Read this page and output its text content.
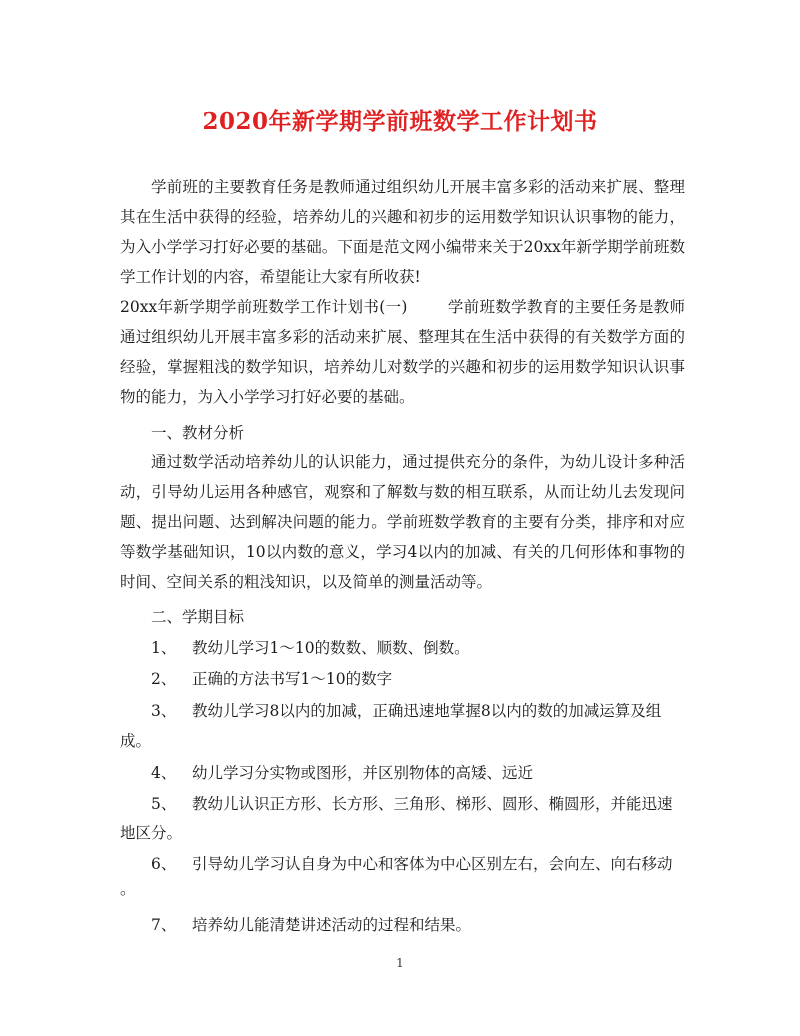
2020年新学期学前班数学工作计划书

学前班的主要教育任务是教师通过组织幼儿开展丰富多彩的活动来扩展、整理其在生活中获得的经验，培养幼儿的兴趣和初步的运用数学知识认识事物的能力，为入小学学习打好必要的基础。下面是范文网小编带来关于20xx年新学期学前班数学工作计划的内容，希望能让大家有所收获!

20xx年新学期学前班数学工作计划书(一)	学前班数学教育的主要任务是教师通过组织幼儿开展丰富多彩的活动来扩展、整理其在生活中获得的有关数学方面的经验，掌握粗浅的数学知识，培养幼儿对数学的兴趣和初步的运用数学知识认识事物的能力，为入小学学习打好必要的基础。

一、教材分析

通过数学活动培养幼儿的认识能力，通过提供充分的条件，为幼儿设计多种活动，引导幼儿运用各种感官，观察和了解数与数的相互联系，从而让幼儿去发现问题、提出问题、达到解决问题的能力。学前班数学教育的主要有分类，排序和对应等数学基础知识，10以内数的意义，学习4以内的加减、有关的几何形体和事物的时间、空间关系的粗浅知识，以及简单的测量活动等。

二、学期目标

1、 教幼儿学习1～10的数数、顺数、倒数。

2、 正确的方法书写1～10的数字

3、 教幼儿学习8以内的加减，正确迅速地掌握8以内的数的加减运算及组

成。

4、 幼儿学习分实物或图形，并区别物体的高矮、远近

5、 教幼儿认识正方形、长方形、三角形、梯形、圆形、椭圆形，并能迅速

地区分。

6、 引导幼儿学习认自身为中心和客体为中心区别左右，会向左、向右移动

。

7、 培养幼儿能清楚讲述活动的过程和结果。

1
